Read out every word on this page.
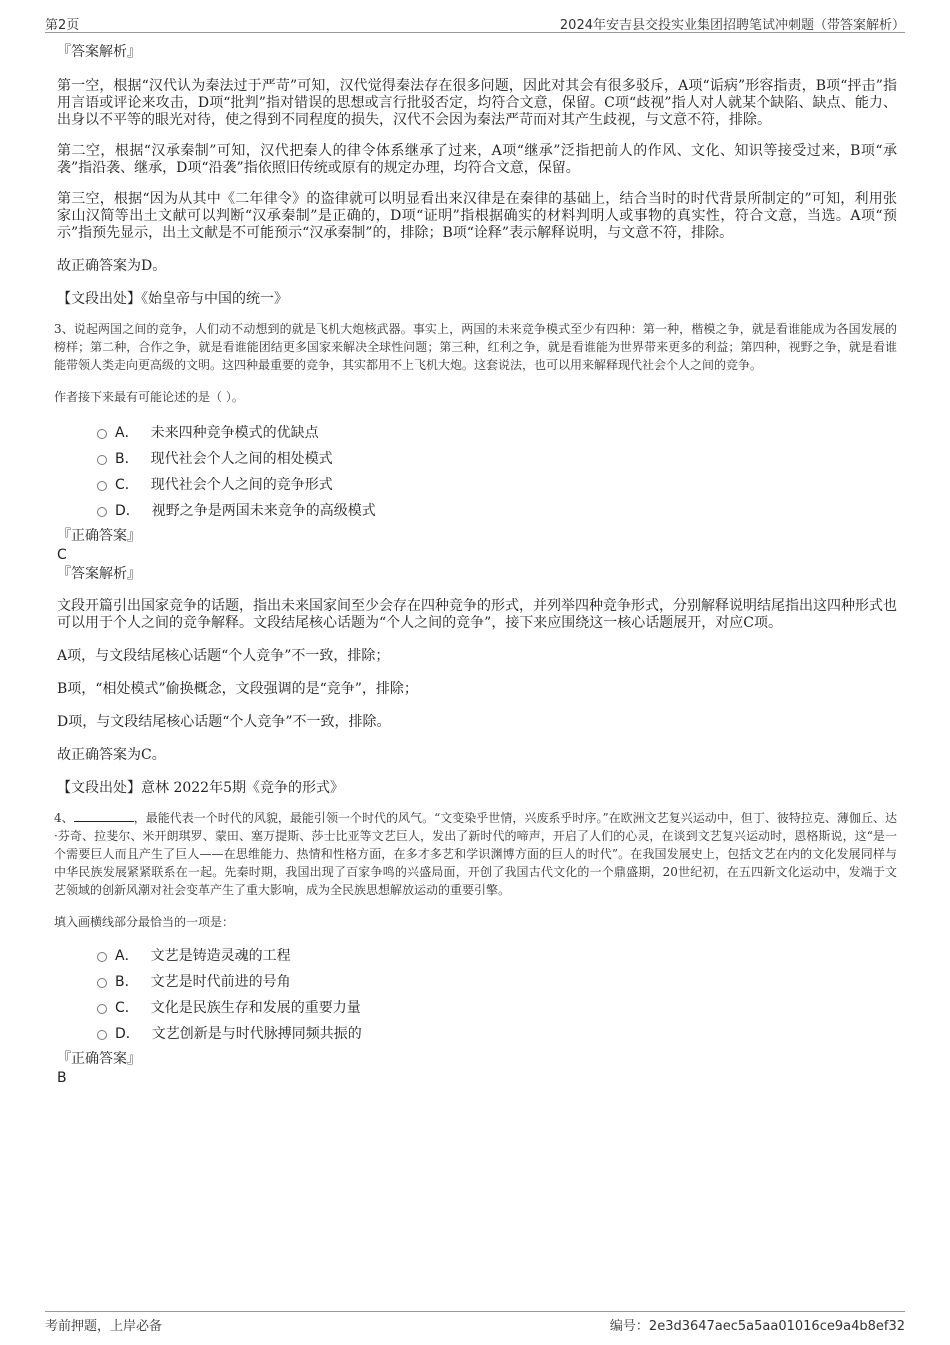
第2页	2024年安吉县交投实业集团招聘笔试冲刺题（带答案解析）

『答案解析』

第一空，根据“汉代认为秦法过于严苛”可知，汉代觉得秦法存在很多问题，因此对其会有很多驳斥，A项“诟病”形容指责，B项“抨击”指用言语或评论来攻击，D项“批判”指对错误的思想或言行批驳否定，均符合文意，保留。C项“歧视”指人对人就某个缺陷、缺点、能力、出身以不平等的眼光对待，使之得到不同程度的损失，汉代不会因为秦法严苛而对其产生歧视，与文意不符，排除。

第二空，根据“汉承秦制”可知，汉代把秦人的律令体系继承了过来，A项“继承”泛指把前人的作风、文化、知识等接受过来，B项“承袭”指沿袭、继承，D项“沿袭”指依照旧传统或原有的规定办理，均符合文意，保留。

第三空，根据“因为从其中《二年律令》的盗律就可以明显看出来汉律是在秦律的基础上，结合当时的时代背景所制定的”可知，利用张家山汉简等出土文献可以判断“汉承秦制”是正确的，D项“证明”指根据确实的材料判明人或事物的真实性，符合文意，当选。A项“预示”指预先显示，出土文献是不可能预示“汉承秦制”的，排除；B项“诠释”表示解释说明，与文意不符，排除。

故正确答案为D。

【文段出处】《始皇帝与中国的统一》

3、说起两国之间的竞争，人们动不动想到的就是飞机大炮核武器。事实上，两国的未来竞争模式至少有四种：第一种，楷模之争，就是看谁能成为各国发展的榜样；第二种，合作之争，就是看谁能团结更多国家来解决全球性问题；第三种，红利之争，就是看谁能为世界带来更多的利益；第四种，视野之争，就是看谁能带领人类走向更高级的文明。这四种最重要的竞争，其实都用不上飞机大炮。这套说法，也可以用来解释现代社会个人之间的竞争。

作者接下来最有可能论述的是（ ）。

A． 未来四种竞争模式的优缺点
B． 现代社会个人之间的相处模式
C． 现代社会个人之间的竞争形式
D． 视野之争是两国未来竞争的高级模式

『正确答案』

C

『答案解析』

文段开篇引出国家竞争的话题，指出未来国家间至少会存在四种竞争的形式，并列举四种竞争形式，分别解释说明结尾指出这四种形式也可以用于个人之间的竞争解释。文段结尾核心话题为“个人之间的竞争”，接下来应围绕这一核心话题展开，对应C项。

A项，与文段结尾核心话题“个人竞争”不一致，排除；

B项，“相处模式”偷换概念，文段强调的是“竞争”，排除；

D项，与文段结尾核心话题“个人竞争”不一致，排除。

故正确答案为C。

【文段出处】意林 2022年5期《竞争的形式》

4、	，最能代表一个时代的风貌，最能引领一个时代的风气。“文变染乎世情，兴废系乎时序。”在欧洲文艺复兴运动中，但丁、彼特拉克、薄伽丘、达·芬奇、拉斐尔、米开朗琪罗、蒙田、塞万提斯、莎士比亚等文艺巨人，发出了新时代的啼声，开启了人们的心灵，在谈到文艺复兴运动时，恩格斯说，这“是一个需要巨人而且产生了巨人——在思维能力、热情和性格方面，在多才多艺和学识渊博方面的巨人的时代”。在我国发展史上，包括文艺在内的文化发展同样与中华民族发展紧紧联系在一起。先秦时期，我国出现了百家争鸣的兴盛局面，开创了我国古代文化的一个鼎盛期，20世纪初，在五四新文化运动中，发端于文艺领域的创新风潮对社会变革产生了重大影响，成为全民族思想解放运动的重要引擎。

填入画横线部分最恰当的一项是：

A． 文艺是铸造灵魂的工程
B． 文艺是时代前进的号角
C． 文化是民族生存和发展的重要力量
D． 文艺创新是与时代脉搏同频共振的

『正确答案』

B

考前押题，上岸必备	编号：2e3d3647aec5a5aa01016ce9a4b8ef32
